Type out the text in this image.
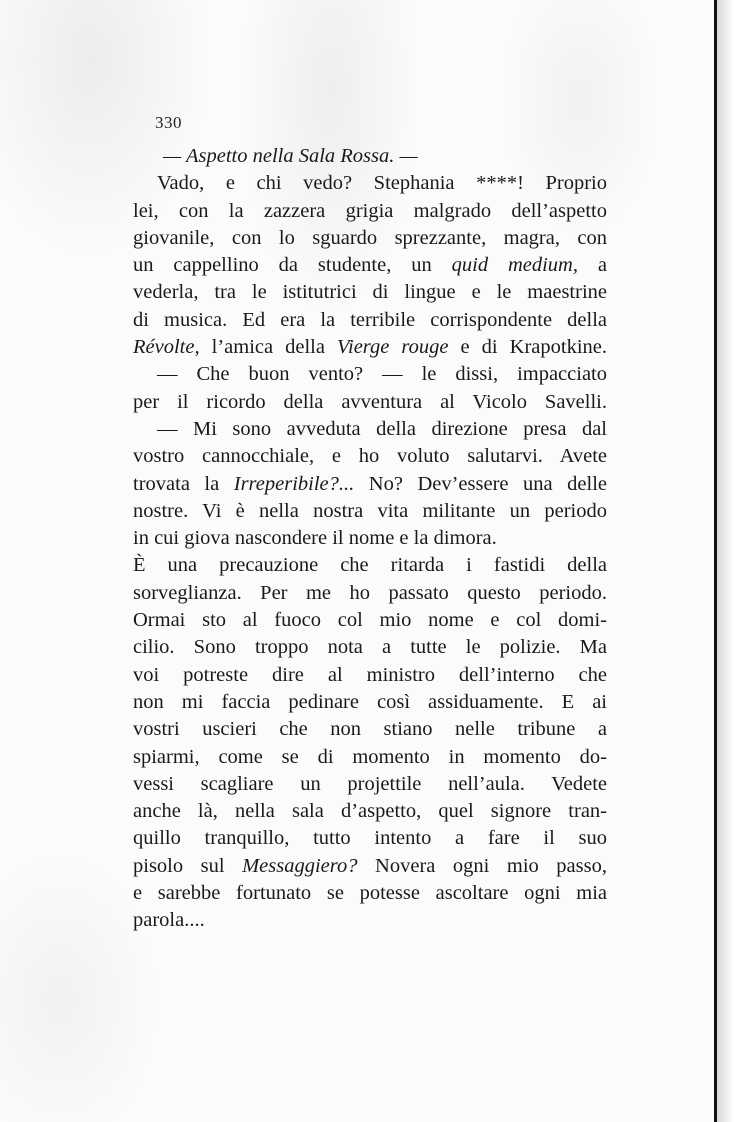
330
— Aspetto nella Sala Rossa. —
Vado, e chi vedo? Stephania ****! Proprio
lei, con la zazzera grigia malgrado dell’aspetto
giovanile, con lo sguardo sprezzante, magra, con
un cappellino da studente, un quid medium, a
vederla, tra le istitutrici di lingue e le maestrine
di musica. Ed era la terribile corrispondente della
Révolte, l’amica della Vierge rouge e di Krapotkine.
— Che buon vento? — le dissi, impacciato
per il ricordo della avventura al Vicolo Savelli.
— Mi sono avveduta della direzione presa dal
vostro cannocchiale, e ho voluto salutarvi. Avete
trovata la Irreperibile?... No? Dev’essere una delle
nostre. Vi è nella nostra vita militante un periodo
in cui giova nascondere il nome e la dimora.
È una precauzione che ritarda i fastidi della
sorveglianza. Per me ho passato questo periodo.
Ormai sto al fuoco col mio nome e col domi-
cilio. Sono troppo nota a tutte le polizie. Ma
voi potreste dire al ministro dell’interno che
non mi faccia pedinare così assiduamente. E ai
vostri uscieri che non stiano nelle tribune a
spiarmi, come se di momento in momento do-
vessi scagliare un projettile nell’aula. Vedete
anche là, nella sala d’aspetto, quel signore tran-
quillo tranquillo, tutto intento a fare il suo
pisolo sul Messaggiero? Novera ogni mio passo,
e sarebbe fortunato se potesse ascoltare ogni mia
parola....
